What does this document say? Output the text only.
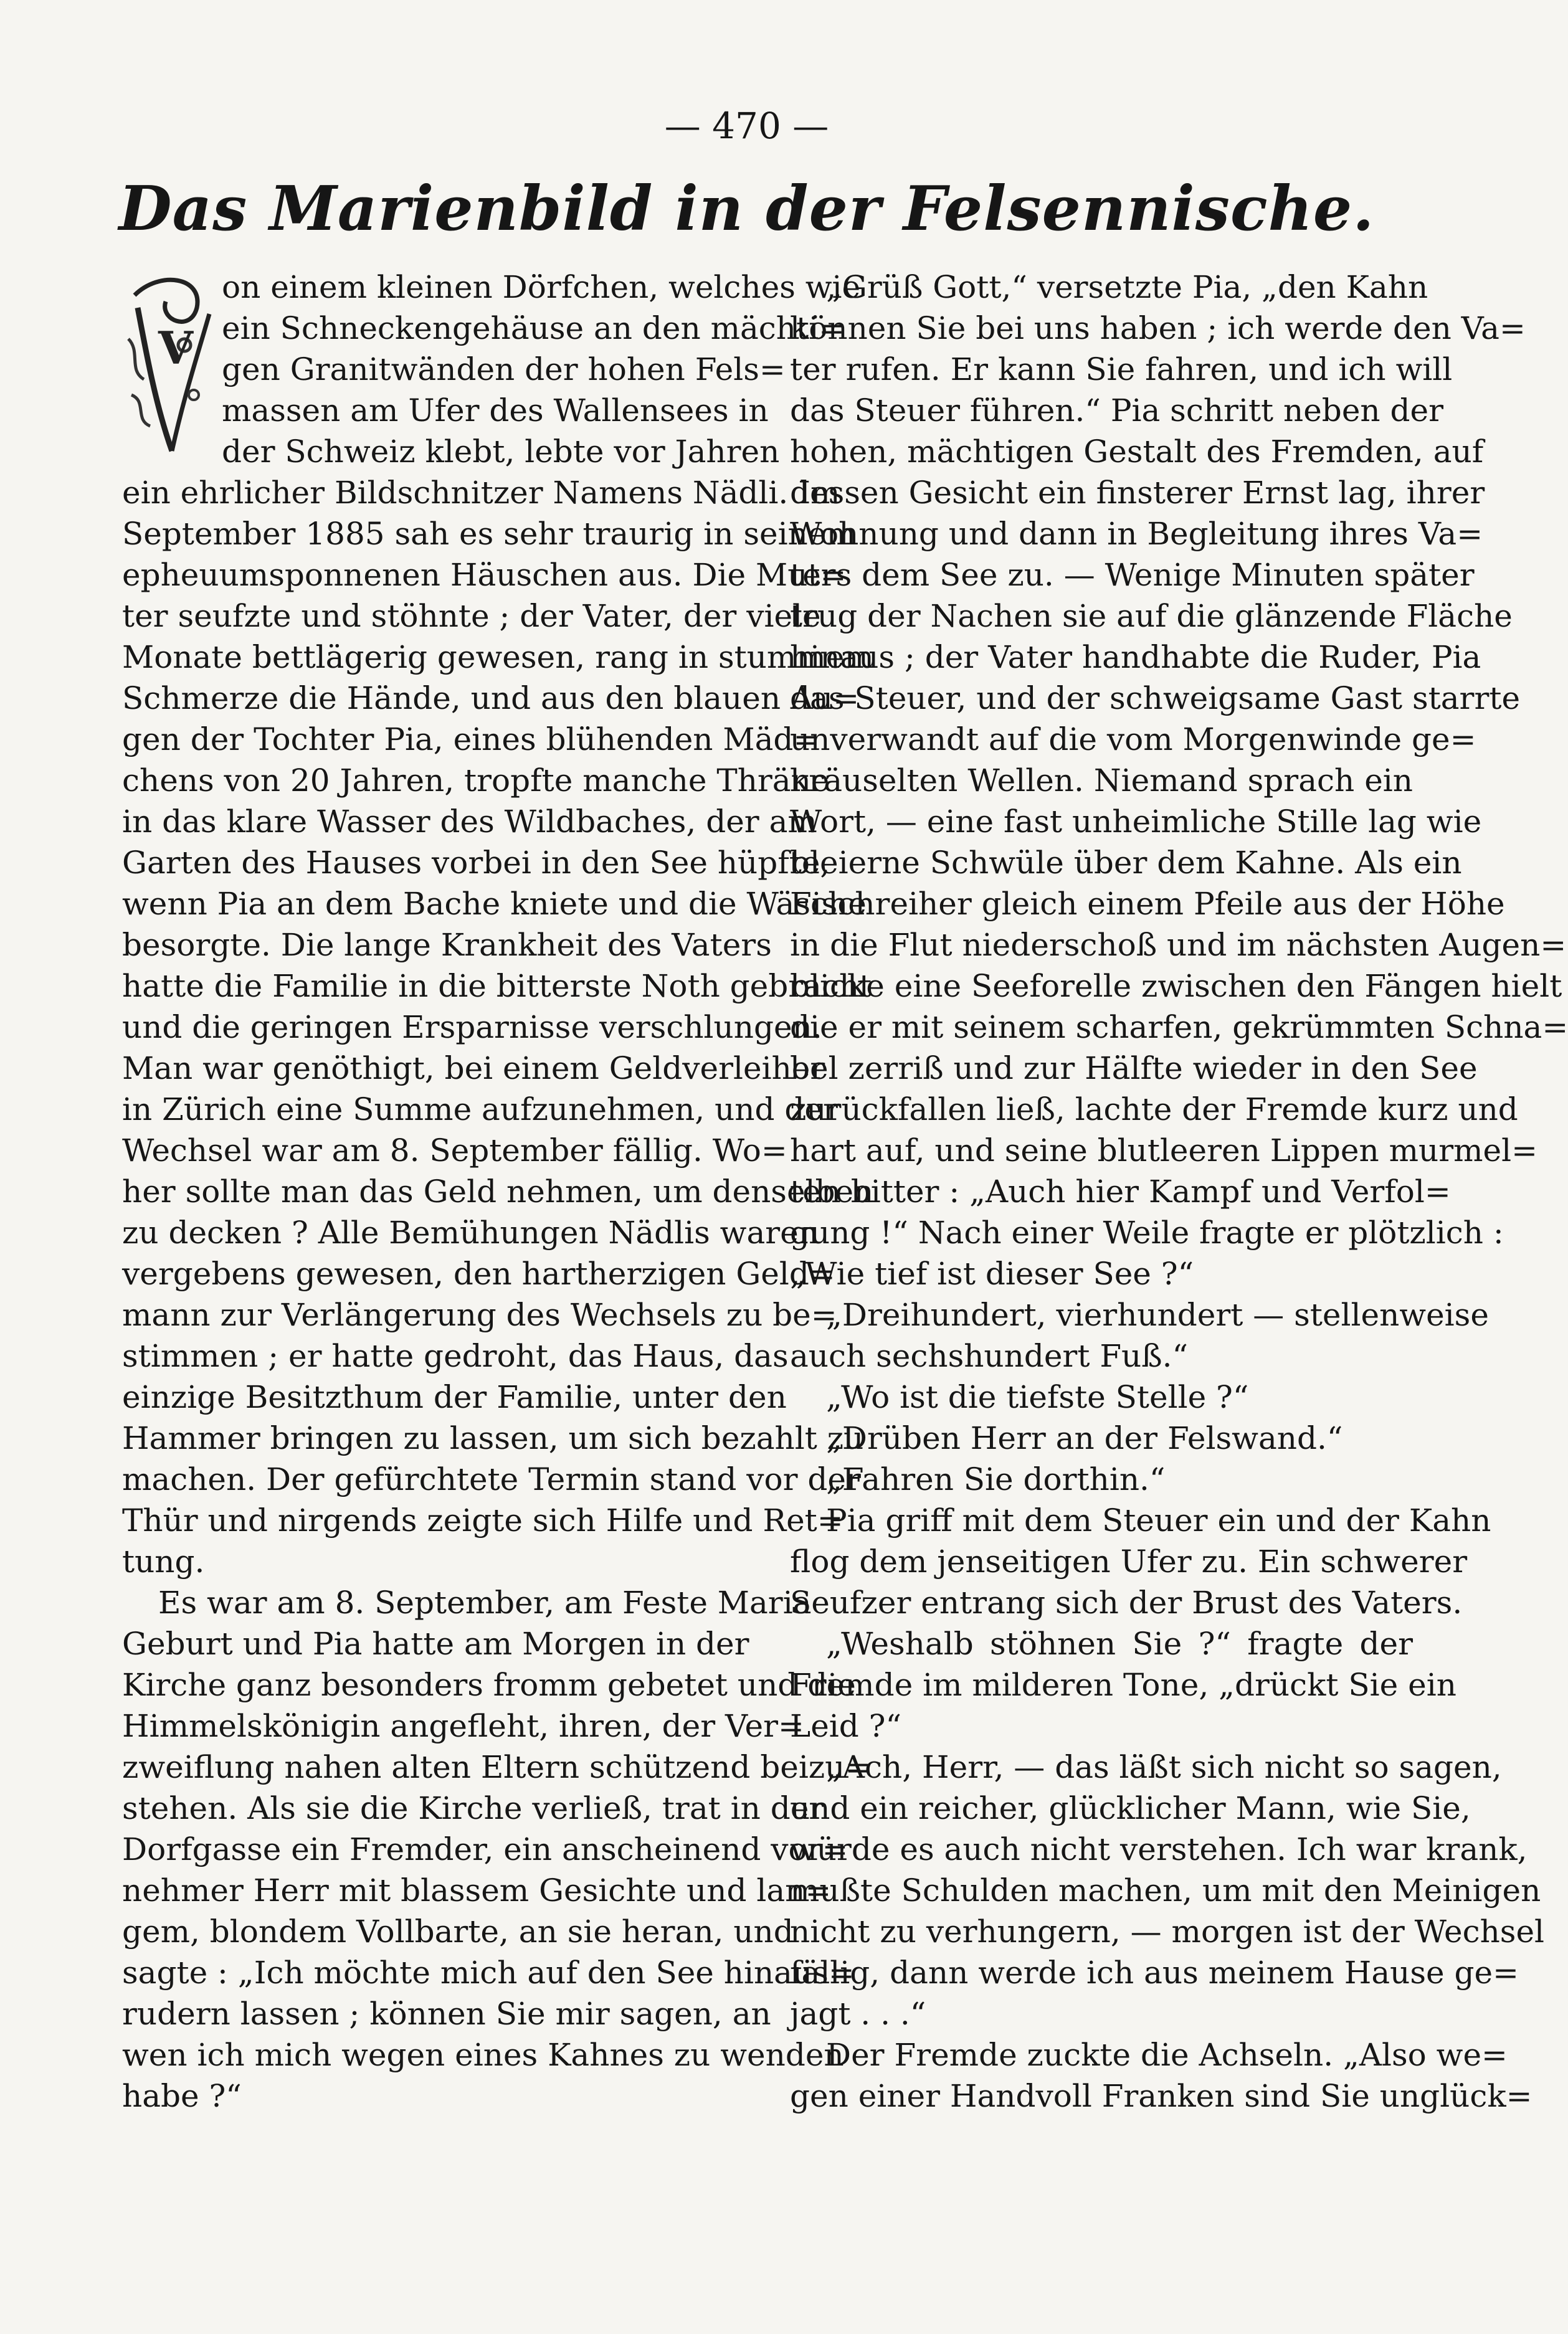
— 470 —
Das Marienbild in der Felsennische.
V
on einem kleinen Dörfchen, welches wie
ein Schneckengehäuse an den mächti=
gen Granitwänden der hohen Fels=
massen am Ufer des Wallensees in
der Schweiz klebt, lebte vor Jahren
ein ehrlicher Bildschnitzer Namens Nädli. Im
September 1885 sah es sehr traurig in seinem
epheuumsponnenen Häuschen aus. Die Mut=
ter seufzte und stöhnte ; der Vater, der viele
Monate bettlägerig gewesen, rang in stummem
Schmerze die Hände, und aus den blauen Au=
gen der Tochter Pia, eines blühenden Mäd=
chens von 20 Jahren, tropfte manche Thräne
in das klare Wasser des Wildbaches, der am
Garten des Hauses vorbei in den See hüpfte,
wenn Pia an dem Bache kniete und die Wäsche
besorgte. Die lange Krankheit des Vaters
hatte die Familie in die bitterste Noth gebracht
und die geringen Ersparnisse verschlungen.
Man war genöthigt, bei einem Geldverleiher
in Zürich eine Summe aufzunehmen, und der
Wechsel war am 8. September fällig. Wo=
her sollte man das Geld nehmen, um denselben
zu decken ? Alle Bemühungen Nädlis waren
vergebens gewesen, den hartherzigen Geld=
mann zur Verlängerung des Wechsels zu be=
stimmen ; er hatte gedroht, das Haus, das
einzige Besitzthum der Familie, unter den
Hammer bringen zu lassen, um sich bezahlt zu
machen. Der gefürchtete Termin stand vor der
Thür und nirgends zeigte sich Hilfe und Ret=
tung.
Es war am 8. September, am Feste Maria
Geburt und Pia hatte am Morgen in der
Kirche ganz besonders fromm gebetet und die
Himmelskönigin angefleht, ihren, der Ver=
zweiflung nahen alten Eltern schützend beizu=
stehen. Als sie die Kirche verließ, trat in der
Dorfgasse ein Fremder, ein anscheinend vor=
nehmer Herr mit blassem Gesichte und lan=
gem, blondem Vollbarte, an sie heran, und
sagte : „Ich möchte mich auf den See hinaus=
rudern lassen ; können Sie mir sagen, an
wen ich mich wegen eines Kahnes zu wenden
habe ?“
„Grüß Gott,“ versetzte Pia, „den Kahn
können Sie bei uns haben ; ich werde den Va=
ter rufen. Er kann Sie fahren, und ich will
das Steuer führen.“ Pia schritt neben der
hohen, mächtigen Gestalt des Fremden, auf
dessen Gesicht ein finsterer Ernst lag, ihrer
Wohnung und dann in Begleitung ihres Va=
ters dem See zu. — Wenige Minuten später
trug der Nachen sie auf die glänzende Fläche
hinaus ; der Vater handhabte die Ruder, Pia
das Steuer, und der schweigsame Gast starrte
unverwandt auf die vom Morgenwinde ge=
kräuselten Wellen. Niemand sprach ein
Wort, — eine fast unheimliche Stille lag wie
bleierne Schwüle über dem Kahne. Als ein
Fischreiher gleich einem Pfeile aus der Höhe
in die Flut niederschoß und im nächsten Augen=
blicke eine Seeforelle zwischen den Fängen hielt
die er mit seinem scharfen, gekrümmten Schna=
bel zerriß und zur Hälfte wieder in den See
zurückfallen ließ, lachte der Fremde kurz und
hart auf, und seine blutleeren Lippen murmel=
ten bitter : „Auch hier Kampf und Verfol=
gung !“ Nach einer Weile fragte er plötzlich :
„Wie tief ist dieser See ?“
„Dreihundert, vierhundert — stellenweise
auch sechshundert Fuß.“
„Wo ist die tiefste Stelle ?“
„Drüben Herr an der Felswand.“
„Fahren Sie dorthin.“
Pia griff mit dem Steuer ein und der Kahn
flog dem jenseitigen Ufer zu. Ein schwerer
Seufzer entrang sich der Brust des Vaters.
„Weshalb stöhnen Sie ?“ fragte der
Fremde im milderen Tone, „drückt Sie ein
Leid ?“
„Ach, Herr, — das läßt sich nicht so sagen,
und ein reicher, glücklicher Mann, wie Sie,
würde es auch nicht verstehen. Ich war krank,
mußte Schulden machen, um mit den Meinigen
nicht zu verhungern, — morgen ist der Wechsel
fällig, dann werde ich aus meinem Hause ge=
jagt . . .“
Der Fremde zuckte die Achseln. „Also we=
gen einer Handvoll Franken sind Sie unglück=
